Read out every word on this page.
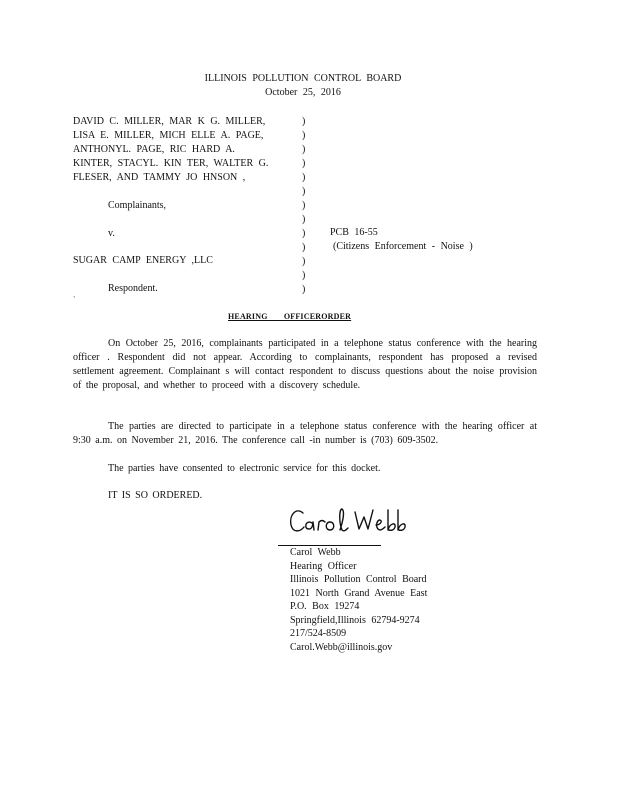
ILLINOIS POLLUTION CONTROL BOARD
October 25, 2016
DAVID C. MILLER, MAR K G. MILLER,
LISA E. MILLER, MICH ELLE A. PAGE,
ANTHONYL. PAGE, RIC HARD A.
KINTER, STACYL. KIN TER, WALTER G.
FLESER, AND TAMMY JO HNSON ,
Complainants,
v.
SUGAR CAMP ENERGY ,LLC
Respondent.
`
)
)
)
)
)
)
)
)
)
)
)
)
)
PCB 16-55
(Citizens Enforcement - Noise )
HEARING OFFICERORDER
On October 25, 2016, complainants participated in a telephone status conference with the hearing officer . Respondent did not appear. According to complainants, respondent has proposed a revised settlement agreement. Complainant s will contact respondent to discuss questions about the noise provision of the proposal, and whether to proceed with a discovery schedule.
The parties are directed to participate in a telephone status conference with the hearing officer at 9:30 a.m. on November 21, 2016. The conference call -in number is (703) 609-3502.
The parties have consented to electronic service for this docket.
IT IS SO ORDERED.
Carol Webb
Hearing Officer
Illinois Pollution Control Board
1021 North Grand Avenue East
P.O. Box 19274
Springfield,Illinois 62794-9274
217/524-8509
Carol.Webb@illinois.gov
